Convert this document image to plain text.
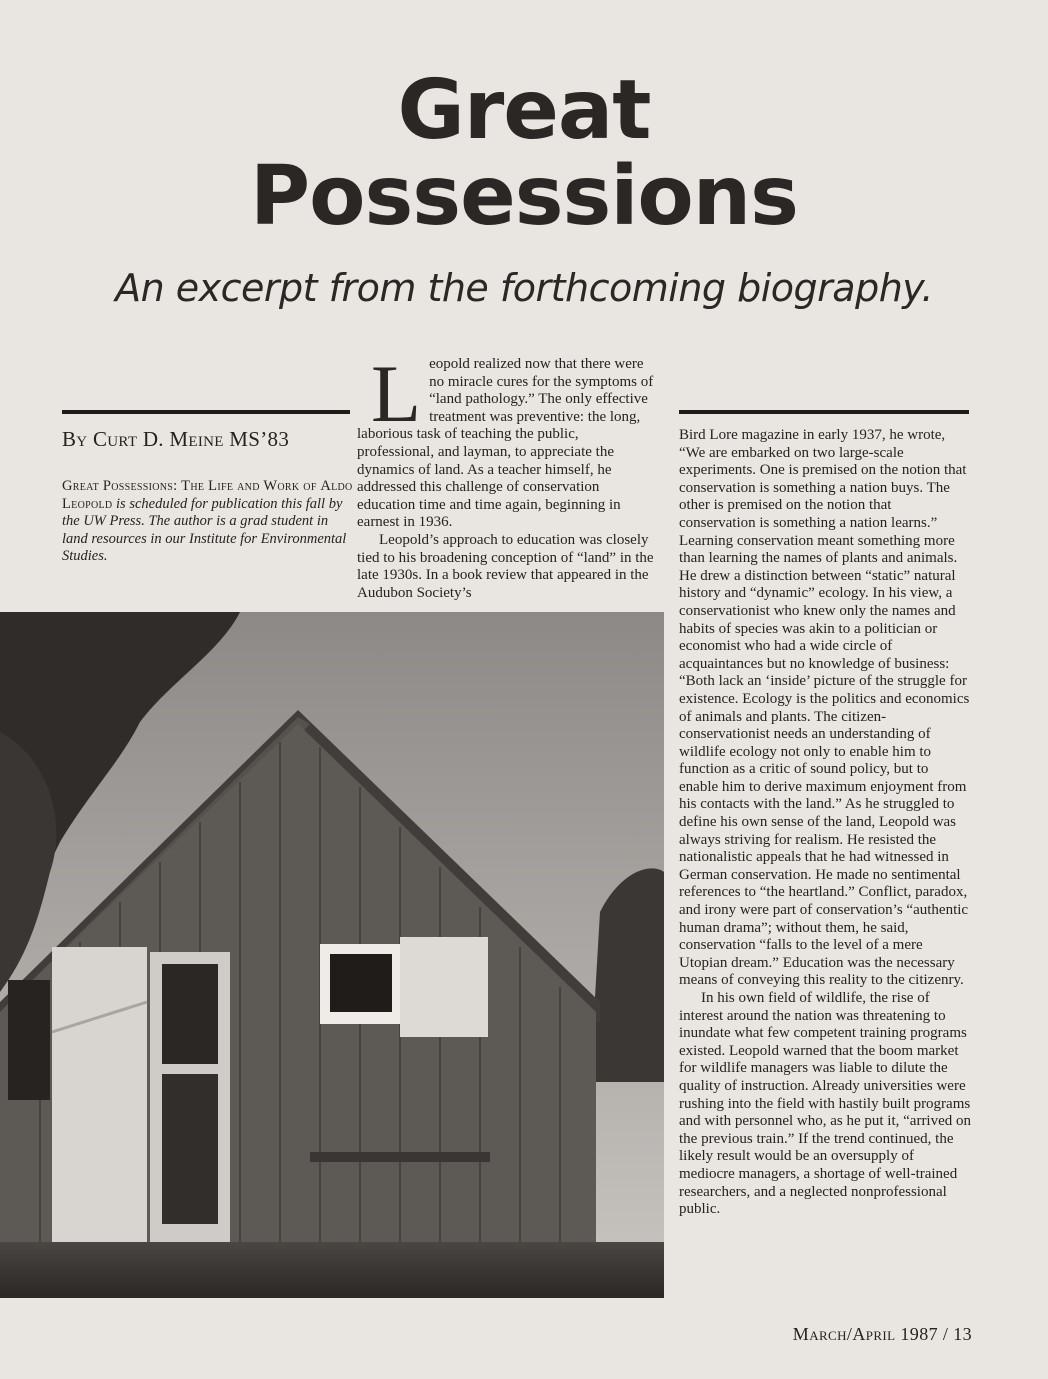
Great
Possessions

An excerpt from the forthcoming biography.

By Curt D. Meine MS’83

Great Possessions: The Life and Work of Aldo Leopold is scheduled for publication this fall by the UW Press. The author is a grad student in land resources in our Institute for Environmental Studies.

Leopold realized now that there were no miracle cures for the symptoms of “land pathology.” The only effective treatment was preventive: the long, laborious task of teaching the public, professional, and layman, to appreciate the dynamics of land. As a teacher himself, he addressed this challenge of conservation education time and time again, beginning in earnest in 1936.

Leopold’s approach to education was closely tied to his broadening conception of “land” in the late 1930s. In a book review that appeared in the Audubon Society’s

Bird Lore magazine in early 1937, he wrote, “We are embarked on two large-scale experiments. One is premised on the notion that conservation is something a nation buys. The other is premised on the notion that conservation is something a nation learns.” Learning conservation meant something more than learning the names of plants and animals. He drew a distinction between “static” natural history and “dynamic” ecology. In his view, a conservationist who knew only the names and habits of species was akin to a politician or economist who had a wide circle of acquaintances but no knowledge of business: “Both lack an ‘inside’ picture of the struggle for existence. Ecology is the politics and economics of animals and plants. The citizen-conservationist needs an understanding of wildlife ecology not only to enable him to function as a critic of sound policy, but to enable him to derive maximum enjoyment from his contacts with the land.” As he struggled to define his own sense of the land, Leopold was always striving for realism. He resisted the nationalistic appeals that he had witnessed in German conservation. He made no sentimental references to “the heartland.” Conflict, paradox, and irony were part of conservation’s “authentic human drama”; without them, he said, conservation “falls to the level of a mere Utopian dream.” Education was the necessary means of conveying this reality to the citizenry.

In his own field of wildlife, the rise of interest around the nation was threatening to inundate what few competent training programs existed. Leopold warned that the boom market for wildlife managers was liable to dilute the quality of instruction. Already universities were rushing into the field with hastily built programs and with personnel who, as he put it, “arrived on the previous train.” If the trend continued, the likely result would be an oversupply of mediocre managers, a shortage of well-trained researchers, and a neglected nonprofessional public.

March/April 1987 / 13
